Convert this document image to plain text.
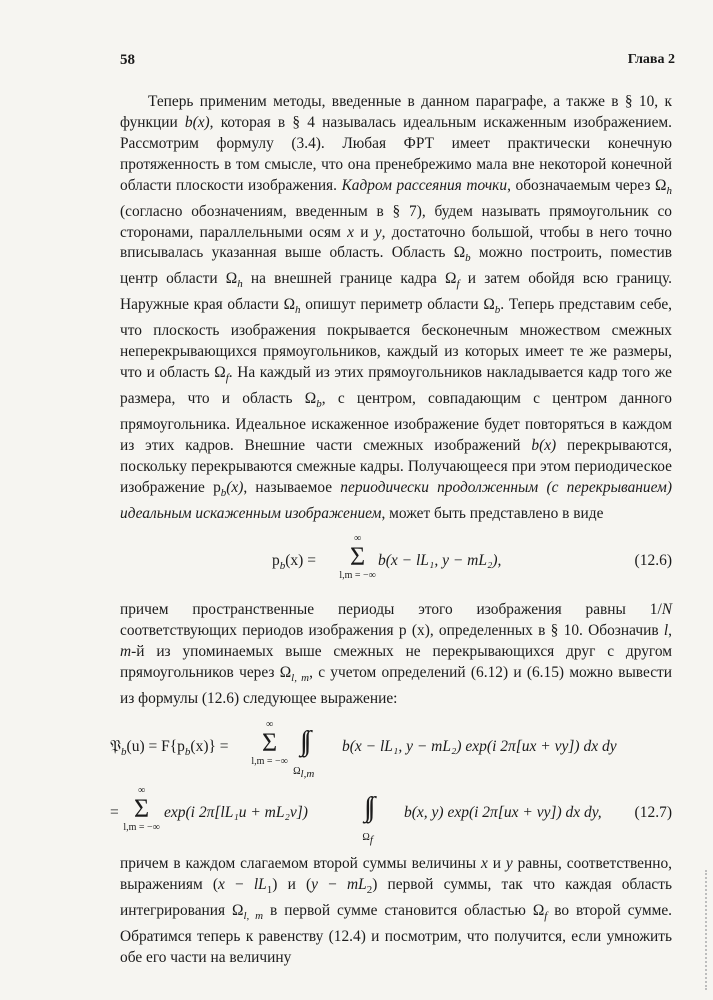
58	Глава 2
Теперь применим методы, введенные в данном параграфе, а также в § 10, к функции b(x), которая в § 4 называлась идеальным искаженным изображением. Рассмотрим формулу (3.4). Любая ФРТ имеет практически конечную протяженность в том смысле, что она пренебрежимо мала вне некоторой конечной области плоскости изображения. Кадром рассеяния точки, обозначаемым через $\Omega_h$ (согласно обозначениям, введенным в § 7), будем называть прямоугольник со сторонами, параллельными осям x и y, достаточно большой, чтобы в него точно вписывалась указанная выше область. Область $\Omega_b$ можно построить, поместив центр области $\Omega_h$ на внешней границе кадра $\Omega_f$ и затем обойдя всю границу. Наружные края области $\Omega_h$ опишут периметр области $\Omega_b$. Теперь представим себе, что плоскость изображения покрывается бесконечным множеством смежных неперекрывающихся прямоугольников, каждый из которых имеет те же размеры, что и область $\Omega_f$. На каждый из этих прямоугольников накладывается кадр того же размера, что и область $\Omega_b$, с центром, совпадающим с центром данного прямоугольника. Идеальное искаженное изображение будет повторяться в каждом из этих кадров. Внешние части смежных изображений b(x) перекрываются, поскольку перекрываются смежные кадры. Получающееся при этом периодическое изображение $p_b(x)$, называемое периодически продолженным (с перекрыванием) идеальным искаженным изображением, может быть представлено в виде
$p_b(x) = \Sigma$
∞
l,m = −∞
b(x − lL₁, y − mL₂),	(12.6)
причем пространственные периоды этого изображения равны 1/N соответствующих периодов изображения p (x), определенных в § 10. Обозначив l, m-й из упоминаемых выше смежных не перекрывающихся друг с другом прямоугольников через $\Omega_{l, m}$, с учетом определений (6.12) и (6.15) можно вывести из формулы (12.6) следующее выражение:
𝔓$_b$(u) = $F\{p_b(x)\} = \Sigma$
∞
l,m = −∞
∫∫
$\Omega_{l,m}$
b(x − lL₁, y − mL₂) exp(i 2π[ux + vy]) dx dy
= Σ
∞
l,m = −∞
exp(i 2π[lL₁u + mL₂v]) ∫∫
$\Omega_f$
b(x, y) exp(i 2π[ux + vy]) dx dy, (12.7)
причем в каждом слагаемом второй суммы величины x и y равны, соответственно, выражениям $(x - lL_1)$ и $(y - mL_2)$ первой суммы, так что каждая область интегрирования $\Omega_{l, m}$ в первой сумме становится областью $\Omega_f$ во второй сумме. Обратимся теперь к равенству (12.4) и посмотрим, что получится, если умножить обе его части на величину
